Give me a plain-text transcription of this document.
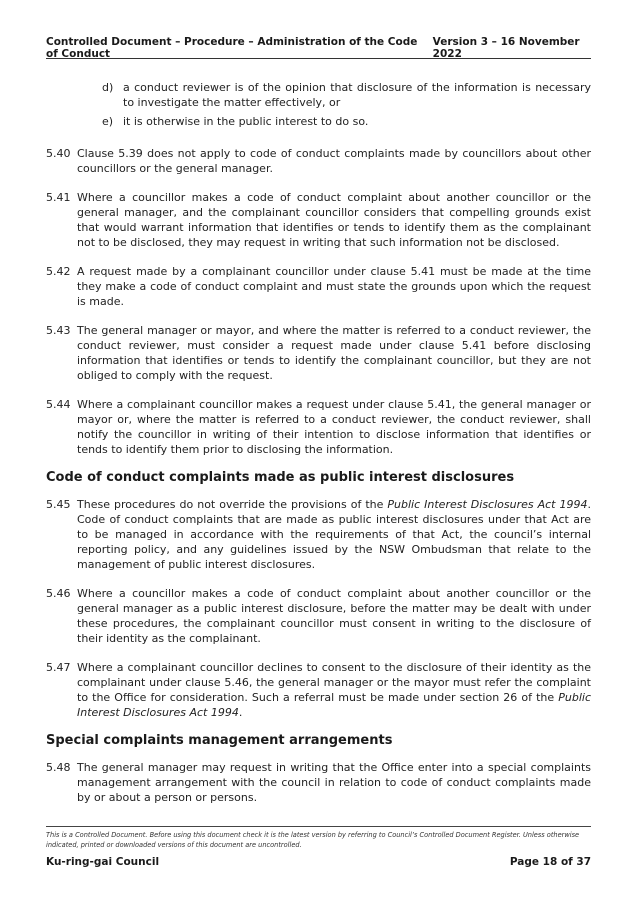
Controlled Document – Procedure – Administration of the Code of Conduct
Version 3 – 16 November 2022
d) a conduct reviewer is of the opinion that disclosure of the information is necessary to investigate the matter effectively, or
e) it is otherwise in the public interest to do so.
5.40 Clause 5.39 does not apply to code of conduct complaints made by councillors about other councillors or the general manager.
5.41 Where a councillor makes a code of conduct complaint about another councillor or the general manager, and the complainant councillor considers that compelling grounds exist that would warrant information that identifies or tends to identify them as the complainant not to be disclosed, they may request in writing that such information not be disclosed.
5.42 A request made by a complainant councillor under clause 5.41 must be made at the time they make a code of conduct complaint and must state the grounds upon which the request is made.
5.43 The general manager or mayor, and where the matter is referred to a conduct reviewer, the conduct reviewer, must consider a request made under clause 5.41 before disclosing information that identifies or tends to identify the complainant councillor, but they are not obliged to comply with the request.
5.44 Where a complainant councillor makes a request under clause 5.41, the general manager or mayor or, where the matter is referred to a conduct reviewer, the conduct reviewer, shall notify the councillor in writing of their intention to disclose information that identifies or tends to identify them prior to disclosing the information.
Code of conduct complaints made as public interest disclosures
5.45 These procedures do not override the provisions of the Public Interest Disclosures Act 1994. Code of conduct complaints that are made as public interest disclosures under that Act are to be managed in accordance with the requirements of that Act, the council’s internal reporting policy, and any guidelines issued by the NSW Ombudsman that relate to the management of public interest disclosures.
5.46 Where a councillor makes a code of conduct complaint about another councillor or the general manager as a public interest disclosure, before the matter may be dealt with under these procedures, the complainant councillor must consent in writing to the disclosure of their identity as the complainant.
5.47 Where a complainant councillor declines to consent to the disclosure of their identity as the complainant under clause 5.46, the general manager or the mayor must refer the complaint to the Office for consideration. Such a referral must be made under section 26 of the Public Interest Disclosures Act 1994.
Special complaints management arrangements
5.48 The general manager may request in writing that the Office enter into a special complaints management arrangement with the council in relation to code of conduct complaints made by or about a person or persons.
This is a Controlled Document. Before using this document check it is the latest version by referring to Council’s Controlled Document Register. Unless otherwise indicated, printed or downloaded versions of this document are uncontrolled.
Ku-ring-gai Council	Page 18 of 37
